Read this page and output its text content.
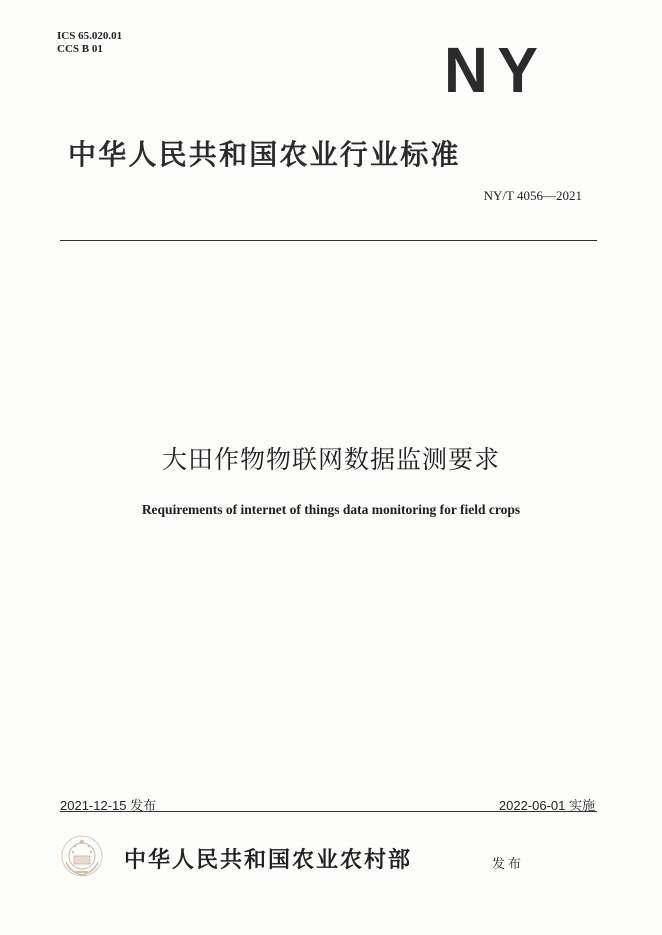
ICS 65.020.01
CCS B 01	NY
中华人民共和国农业行业标准
NY/T 4056—2021
大田作物物联网数据监测要求
Requirements of internet of things data monitoring for field crops
2021-12-15 发布	2022-06-01 实施
中华人民共和国农业农村部	发布
